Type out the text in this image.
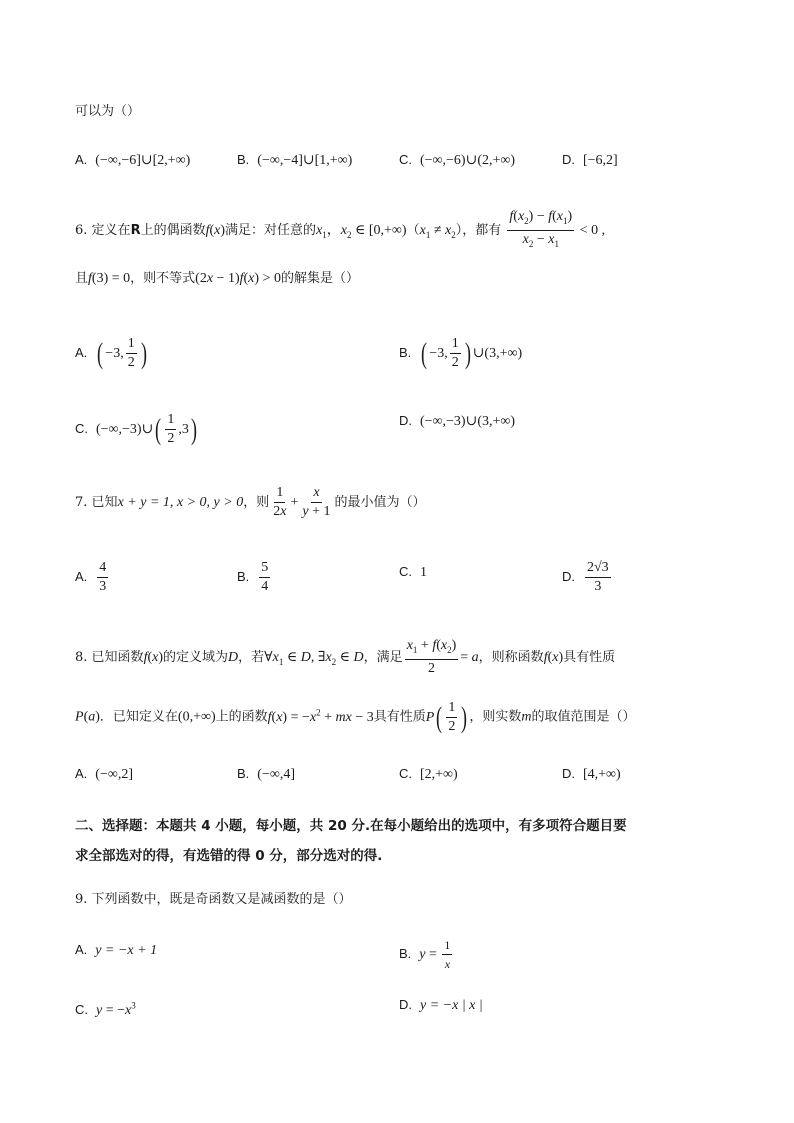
可以为（）
A. (−∞,−6]∪[2,+∞)	B. (−∞,−4]∪[1,+∞)	C. (−∞,−6)∪(2,+∞)	D. [−6,2]
6. 定义在R上的偶函数f(x)满足：对任意的$x_1$，$x_2$ ∈ $[0,+\infty)(x_1 \ne x_2)$，都有 $\frac{f(x_2) - f(x_1)}{x_2 - x_1} < 0$ ,
且f(3) = 0，则不等式(2x − 1)f(x) > 0的解集是（）
A. ( −3, $\frac{1}{2}$ )	B. ( −3, $\frac{1}{2}$ ) ∪(3,+∞)
C. (−∞,−3)∪( $\frac{1}{2} ,3$)	D. (−∞,−3)∪(3,+∞)
7. 已知x + y = 1, x > 0, y > 0，则 $\frac{1}{2x} + \frac{x}{y + 1}$ 的最小值为（）
A. $\frac{4}{3}$	B. $\frac{5}{4}$	C. 1	D. $\frac{2√3}{3}$
8. 已知函数f(x)的定义域为D，若$\forall x_1$ ∈ D, $\exists x_2$ ∈ D，满足 $\frac{x_1 + f(x_2)}{2} = a$，则称函数f(x)具有性质
P(a)．已知定义在(0,+∞)上的函数$f(x) = -x^2$ + mx − 3具有性质$P( \frac{1}{2}$ ) ，则实数m的取值范围是（）
A. (−∞,2]	B. (−∞,4]	C. [2,+∞)	D. [4,+∞)
二、选择题：本题共 4 小题，每小题，共 20 分.在每小题给出的选项中，有多项符合题目要
求全部选对的得，有选错的得 0 分，部分选对的得.
9. 下列函数中，既是奇函数又是减函数的是（）
A. y = −x + 1	B. $y = \frac{1}{x}$
C. $y = -x^3$	D. y = −x | x |
